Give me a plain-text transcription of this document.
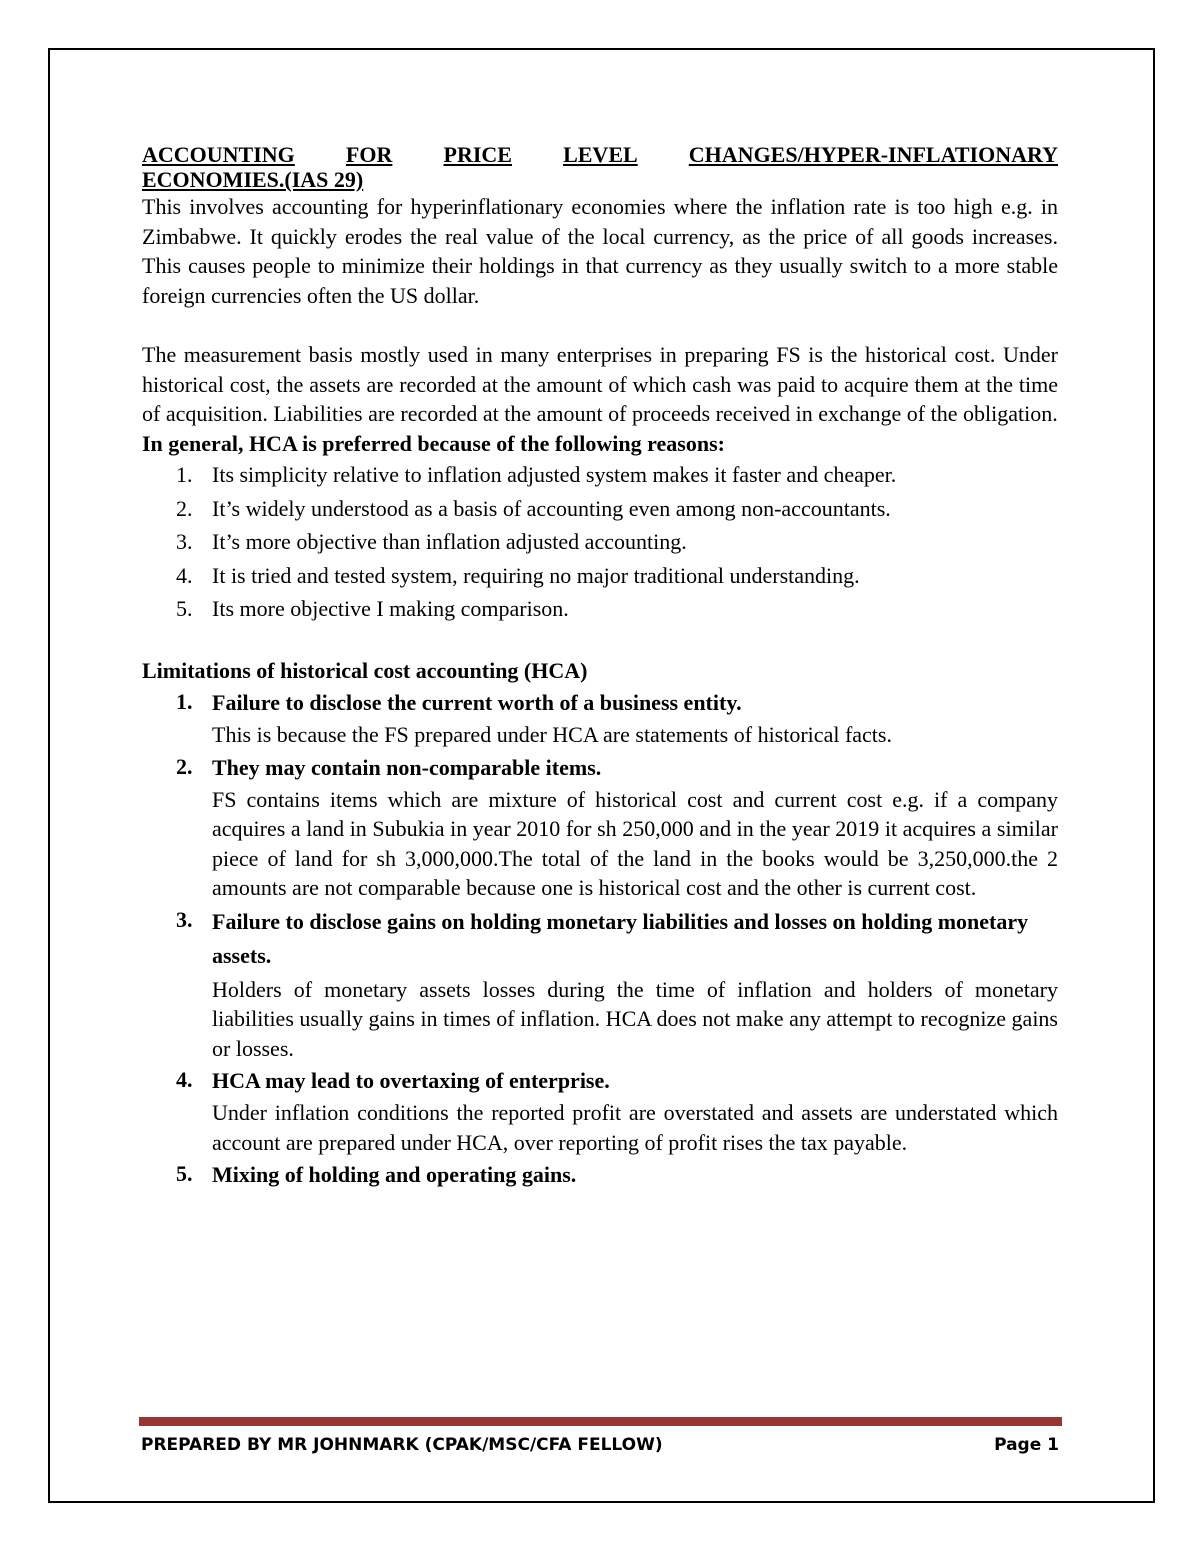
ACCOUNTING FOR PRICE LEVEL CHANGES/HYPER-INFLATIONARY
ECONOMIES.(IAS 29)

This involves accounting for hyperinflationary economies where the inflation rate is too high e.g. in Zimbabwe. It quickly erodes the real value of the local currency, as the price of all goods increases. This causes people to minimize their holdings in that currency as they usually switch to a more stable foreign currencies often the US dollar.

The measurement basis mostly used in many enterprises in preparing FS is the historical cost. Under historical cost, the assets are recorded at the amount of which cash was paid to acquire them at the time of acquisition. Liabilities are recorded at the amount of proceeds received in exchange of the obligation.

In general, HCA is preferred because of the following reasons:
1. Its simplicity relative to inflation adjusted system makes it faster and cheaper.
2. It’s widely understood as a basis of accounting even among non-accountants.
3. It’s more objective than inflation adjusted accounting.
4. It is tried and tested system, requiring no major traditional understanding.
5. Its more objective I making comparison.
Limitations of historical cost accounting (HCA)
1. Failure to disclose the current worth of a business entity.
This is because the FS prepared under HCA are statements of historical facts.
2. They may contain non-comparable items.
FS contains items which are mixture of historical cost and current cost e.g. if a company acquires a land in Subukia in year 2010 for sh 250,000 and in the year 2019 it acquires a similar piece of land for sh 3,000,000.The total of the land in the books would be 3,250,000.the 2 amounts are not comparable because one is historical cost and the other is current cost.
3. Failure to disclose gains on holding monetary liabilities and losses on holding monetary assets.
Holders of monetary assets losses during the time of inflation and holders of monetary liabilities usually gains in times of inflation. HCA does not make any attempt to recognize gains or losses.
4. HCA may lead to overtaxing of enterprise.
Under inflation conditions the reported profit are overstated and assets are understated which account are prepared under HCA, over reporting of profit rises the tax payable.
5. Mixing of holding and operating gains.
PREPARED BY MR JOHNMARK (CPAK/MSC/CFA FELLOW)	Page 1
